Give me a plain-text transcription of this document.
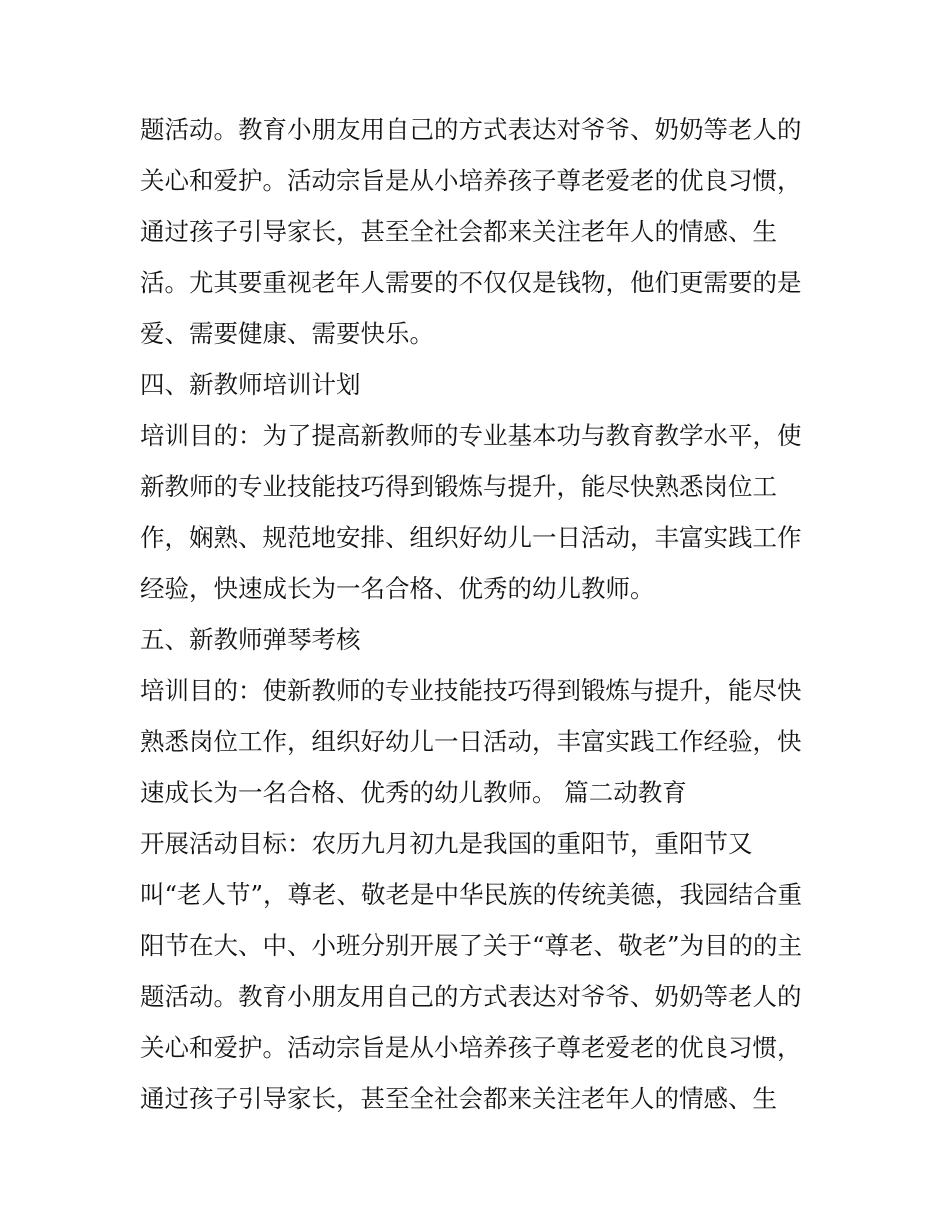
题活动。教育小朋友用自己的方式表达对爷爷、奶奶等老人的
关心和爱护。活动宗旨是从小培养孩子尊老爱老的优良习惯，
通过孩子引导家长，甚至全社会都来关注老年人的情感、生
活。尤其要重视老年人需要的不仅仅是钱物，他们更需要的是
爱、需要健康、需要快乐。
四、新教师培训计划
培训目的：为了提高新教师的专业基本功与教育教学水平，使
新教师的专业技能技巧得到锻炼与提升，能尽快熟悉岗位工
作，娴熟、规范地安排、组织好幼儿一日活动，丰富实践工作
经验，快速成长为一名合格、优秀的幼儿教师。
五、新教师弹琴考核
培训目的：使新教师的专业技能技巧得到锻炼与提升，能尽快
熟悉岗位工作，组织好幼儿一日活动，丰富实践工作经验，快
速成长为一名合格、优秀的幼儿教师。 篇二动教育
开展活动目标：农历九月初九是我国的重阳节，重阳节又
叫“老人节”，尊老、敬老是中华民族的传统美德，我园结合重
阳节在大、中、小班分别开展了关于“尊老、敬老”为目的的主
题活动。教育小朋友用自己的方式表达对爷爷、奶奶等老人的
关心和爱护。活动宗旨是从小培养孩子尊老爱老的优良习惯，
通过孩子引导家长，甚至全社会都来关注老年人的情感、生
